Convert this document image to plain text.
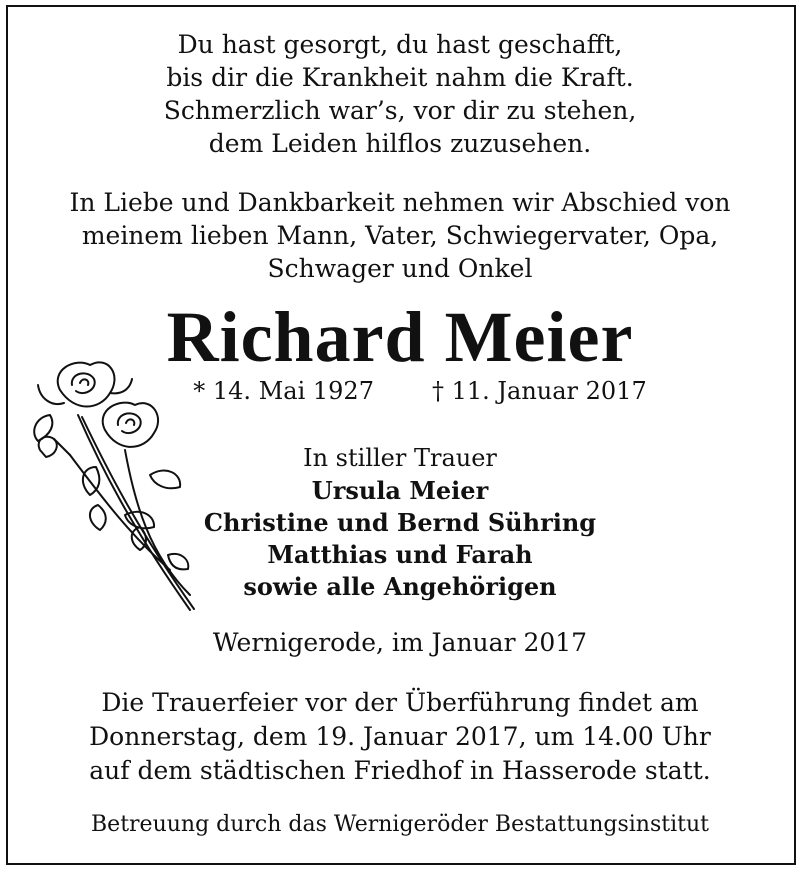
Du hast gesorgt, du hast geschafft,
bis dir die Krankheit nahm die Kraft.
Schmerzlich war’s, vor dir zu stehen,
dem Leiden hilflos zuzusehen.
In Liebe und Dankbarkeit nehmen wir Abschied von
meinem lieben Mann, Vater, Schwiegervater, Opa,
Schwager und Onkel
Richard Meier
* 14. Mai 1927 † 11. Januar 2017
In stiller Trauer
Ursula Meier
Christine und Bernd Sühring
Matthias und Farah
sowie alle Angehörigen
Wernigerode, im Januar 2017
Die Trauerfeier vor der Überführung findet am
Donnerstag, dem 19. Januar 2017, um 14.00 Uhr
auf dem städtischen Friedhof in Hasserode statt.
Betreuung durch das Wernigeröder Bestattungsinstitut
